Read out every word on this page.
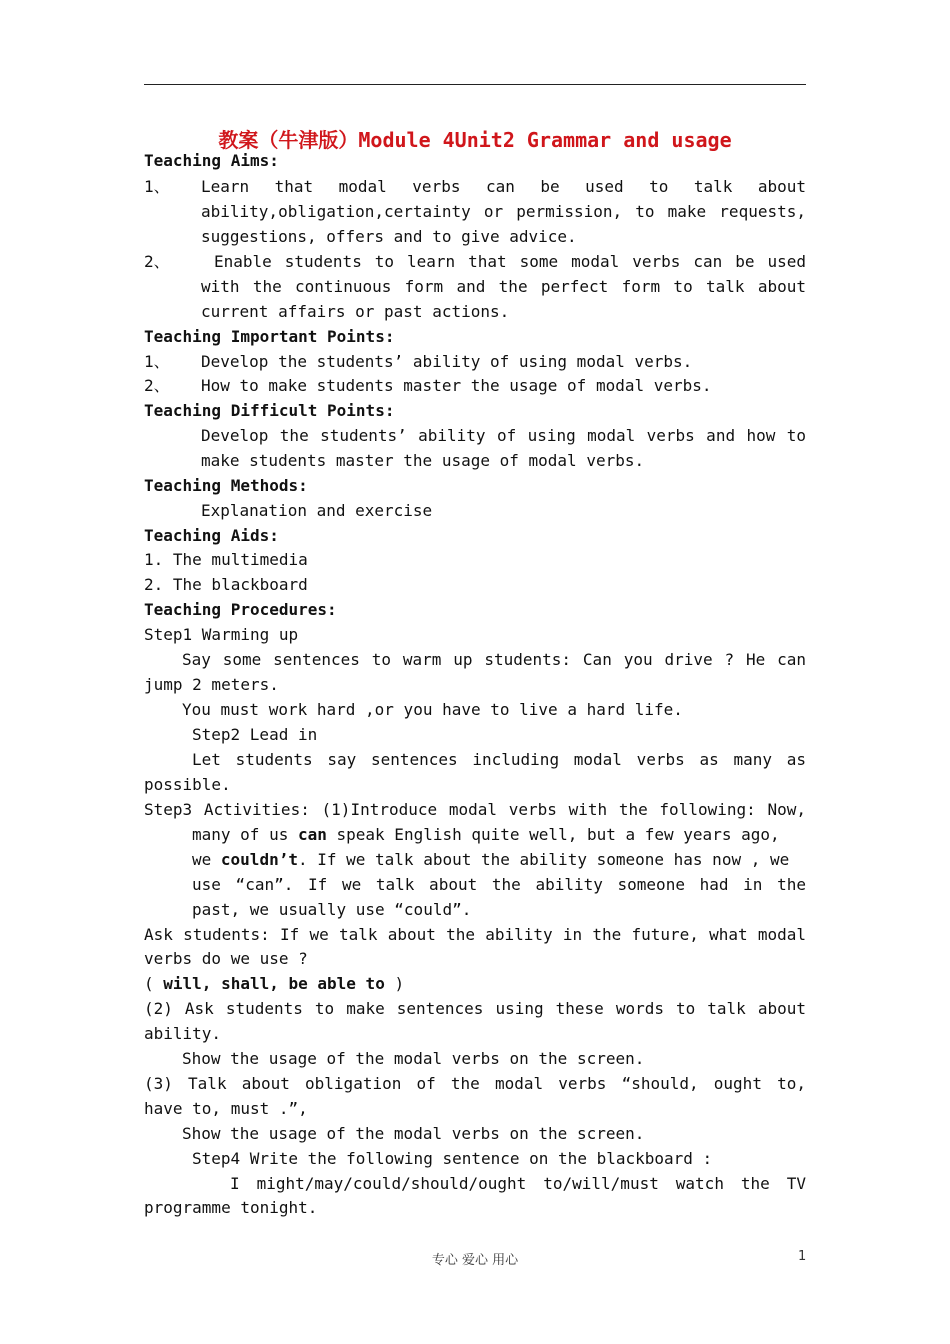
教案（牛津版）Module 4Unit2 Grammar and usage
Teaching Aims:
1、 Learn that modal verbs can be used to talk about
ability,obligation,certainty or permission, to make requests,
suggestions, offers and to give advice.
2、	Enable students to learn that some modal verbs can be used
with the continuous form and the perfect form to talk about
current affairs or past actions.
Teaching Important Points:
1、 Develop the students’ ability of using modal verbs.
2、 How to make students master the usage of modal verbs.
Teaching Difficult Points:
Develop the students’ ability of using modal verbs and how to
make students master the usage of modal verbs.
Teaching Methods:
Explanation and exercise
Teaching Aids:
1. The multimedia
2. The blackboard
Teaching Procedures:
Step1 Warming up
Say some sentences to warm up students: Can you drive ? He can
jump 2 meters.
You must work hard ,or you have to live a hard life.
Step2 Lead in
Let students say sentences including modal verbs as many as
possible.
Step3 Activities: (1)Introduce modal verbs with the following: Now,
many of us can speak English quite well, but a few years ago,
we couldn’t. If we talk about the ability someone has now , we
use “can”. If we talk about the ability someone had in the
past, we usually use “could”.
Ask students: If we talk about the ability in the future, what modal
verbs do we use ?
( will, shall, be able to )
(2) Ask students to make sentences using these words to talk about
ability.
Show the usage of the modal verbs on the screen.
(3) Talk about obligation of the modal verbs “should, ought to,
have to, must .”,
Show the usage of the modal verbs on the screen.
Step4 Write the following sentence on the blackboard :
I might/may/could/should/ought to/will/must watch the TV
programme tonight.
专心 爱心 用心	1
